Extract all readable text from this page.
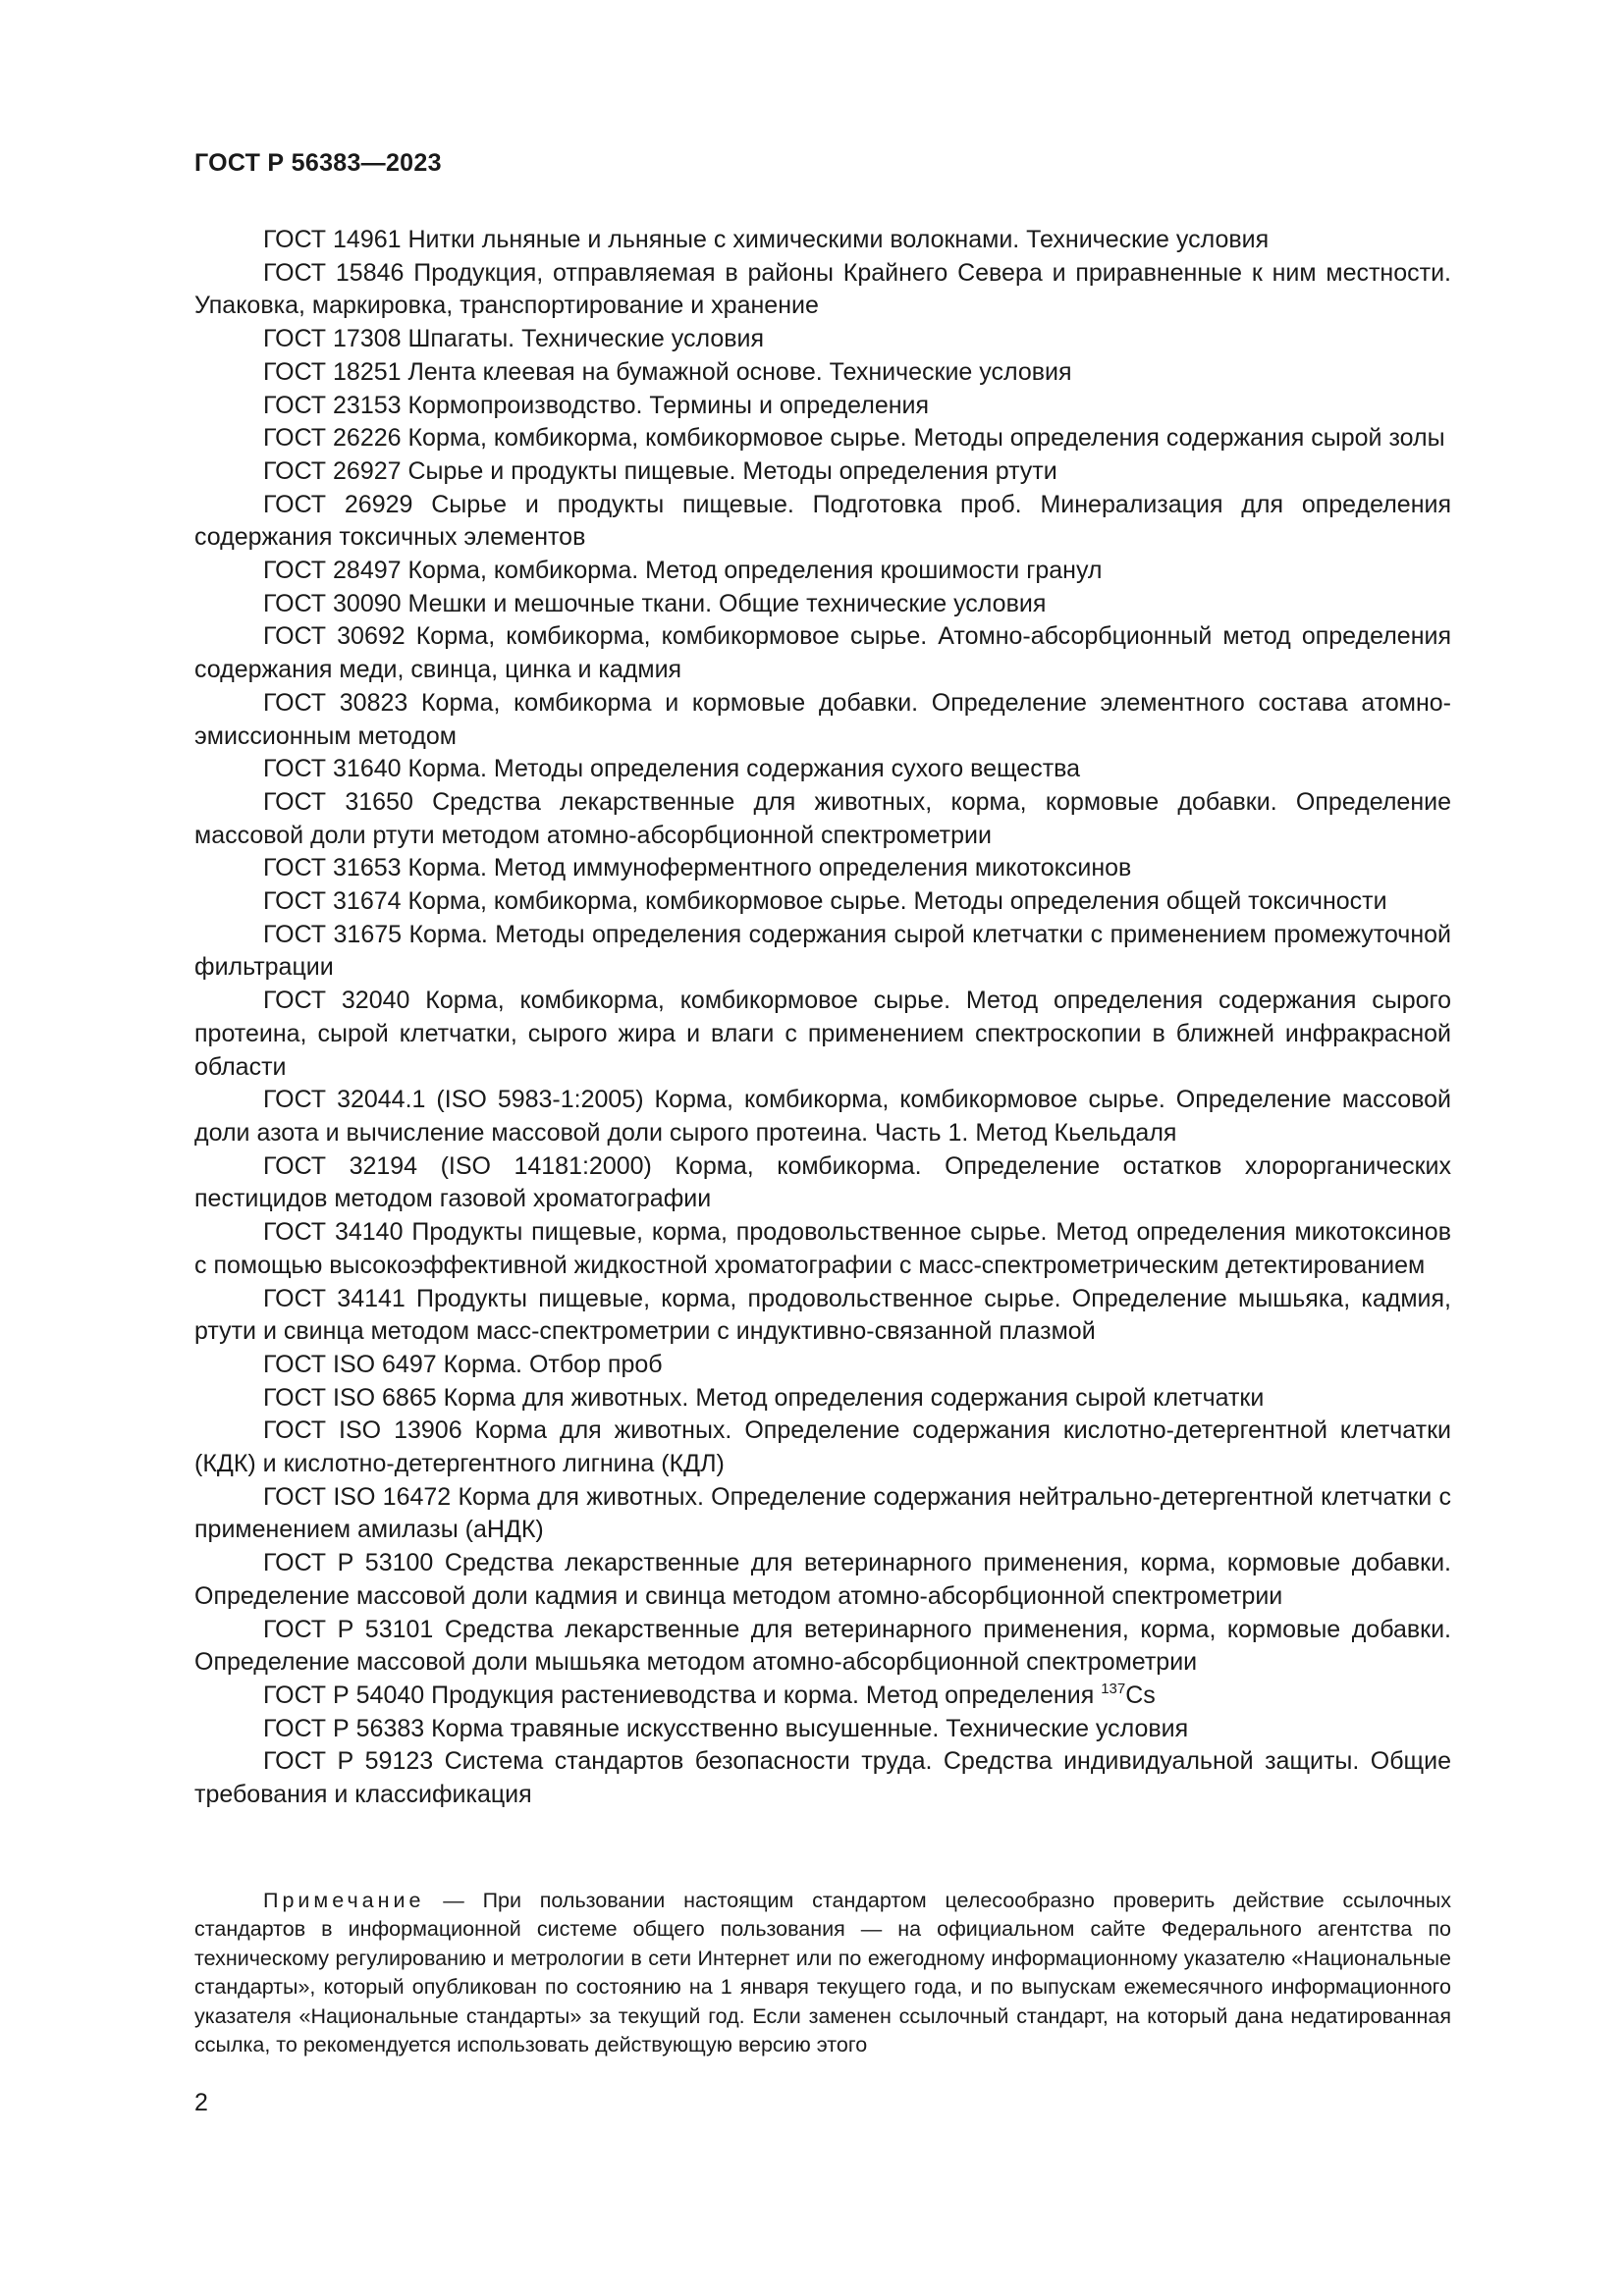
ГОСТ Р 56383—2023

ГОСТ 14961 Нитки льняные и льняные с химическими волокнами. Технические условия

ГОСТ 15846 Продукция, отправляемая в районы Крайнего Севера и приравненные к ним местности. Упаковка, маркировка, транспортирование и хранение

ГОСТ 17308 Шпагаты. Технические условия

ГОСТ 18251 Лента клеевая на бумажной основе. Технические условия

ГОСТ 23153 Кормопроизводство. Термины и определения

ГОСТ 26226 Корма, комбикорма, комбикормовое сырье. Методы определения содержания сырой золы

ГОСТ 26927 Сырье и продукты пищевые. Методы определения ртути

ГОСТ 26929 Сырье и продукты пищевые. Подготовка проб. Минерализация для определения содержания токсичных элементов

ГОСТ 28497 Корма, комбикорма. Метод определения крошимости гранул

ГОСТ 30090 Мешки и мешочные ткани. Общие технические условия

ГОСТ 30692 Корма, комбикорма, комбикормовое сырье. Атомно-абсорбционный метод определения содержания меди, свинца, цинка и кадмия

ГОСТ 30823 Корма, комбикорма и кормовые добавки. Определение элементного состава атомно-эмиссионным методом

ГОСТ 31640 Корма. Методы определения содержания сухого вещества

ГОСТ 31650 Средства лекарственные для животных, корма, кормовые добавки. Определение массовой доли ртути методом атомно-абсорбционной спектрометрии

ГОСТ 31653 Корма. Метод иммуноферментного определения микотоксинов

ГОСТ 31674 Корма, комбикорма, комбикормовое сырье. Методы определения общей токсичности

ГОСТ 31675 Корма. Методы определения содержания сырой клетчатки с применением промежуточной фильтрации

ГОСТ 32040 Корма, комбикорма, комбикормовое сырье. Метод определения содержания сырого протеина, сырой клетчатки, сырого жира и влаги с применением спектроскопии в ближней инфракрасной области

ГОСТ 32044.1 (ISO 5983-1:2005) Корма, комбикорма, комбикормовое сырье. Определение массовой доли азота и вычисление массовой доли сырого протеина. Часть 1. Метод Кьельдаля

ГОСТ 32194 (ISO 14181:2000) Корма, комбикорма. Определение остатков хлорорганических пестицидов методом газовой хроматографии

ГОСТ 34140 Продукты пищевые, корма, продовольственное сырье. Метод определения микотоксинов с помощью высокоэффективной жидкостной хроматографии с масс-спектрометрическим детектированием

ГОСТ 34141 Продукты пищевые, корма, продовольственное сырье. Определение мышьяка, кадмия, ртути и свинца методом масс-спектрометрии с индуктивно-связанной плазмой

ГОСТ ISO 6497 Корма. Отбор проб

ГОСТ ISO 6865 Корма для животных. Метод определения содержания сырой клетчатки

ГОСТ ISO 13906 Корма для животных. Определение содержания кислотно-детергентной клетчатки (КДК) и кислотно-детергентного лигнина (КДЛ)

ГОСТ ISO 16472 Корма для животных. Определение содержания нейтрально-детергентной клетчатки с применением амилазы (аНДК)

ГОСТ Р 53100 Средства лекарственные для ветеринарного применения, корма, кормовые добавки. Определение массовой доли кадмия и свинца методом атомно-абсорбционной спектрометрии

ГОСТ Р 53101 Средства лекарственные для ветеринарного применения, корма, кормовые добавки. Определение массовой доли мышьяка методом атомно-абсорбционной спектрометрии

ГОСТ Р 54040 Продукция растениеводства и корма. Метод определения $^{137}$Cs

ГОСТ Р 56383 Корма травяные искусственно высушенные. Технические условия

ГОСТ Р 59123 Система стандартов безопасности труда. Средства индивидуальной защиты. Общие требования и классификация

Примечание — При пользовании настоящим стандартом целесообразно проверить действие ссылочных стандартов в информационной системе общего пользования — на официальном сайте Федерального агентства по техническому регулированию и метрологии в сети Интернет или по ежегодному информационному указателю «Национальные стандарты», который опубликован по состоянию на 1 января текущего года, и по выпускам ежемесячного информационного указателя «Национальные стандарты» за текущий год. Если заменен ссылочный стандарт, на который дана недатированная ссылка, то рекомендуется использовать действующую версию этого
2
